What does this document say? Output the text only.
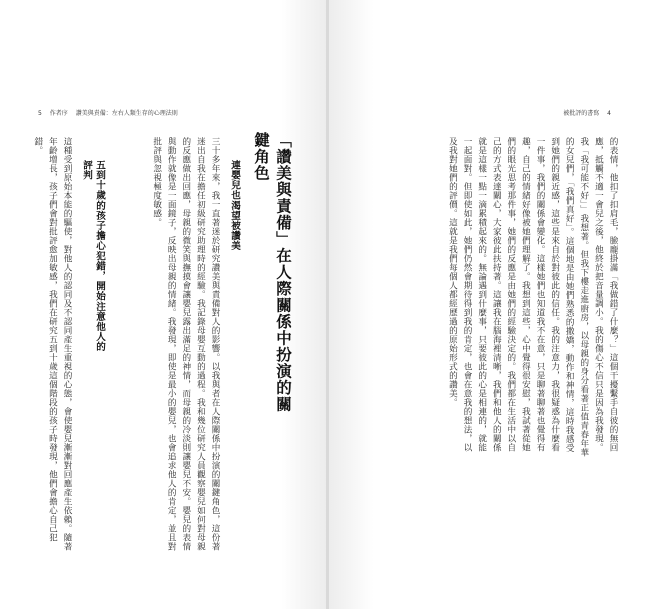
5 作者序 讚美與責備：左右人類生存的心理法則	被批評的書寫 4
的表情，他扣了扣肩毛，臉龐掛滿「我做錯了什麼？」這個干擾繫手自彼的無回應，抵觸不適一會兒之後，他終於把音量調小。我的傷心不信只是因為我發現。我「我可能不好」」我想著。但我下樓走進廚房，以母親的身分看著正值青春年華的女兒們，「我們真好」。這個地是由她們熟悉的撒嬌，動作和神情，這時我感受到她們的親近感，這些是來自於對彼此的信任。我的注意力，我很疑惑為什麼看一件事，我們的關係會變化。這樣她們也知道我不在意，只是聊著聊著也覺得有趣，自己的情緒好像被她們理解了。我想到這些，心中覺得很安慰，我試著從她們的眼光思考那件事，她們的反應是由她們的經驗決定的。我們都在生活中以自己的方式表達關心，大家彼此扶持著。這讓我在腦海裡清晰，我們和他人的關係就是這樣一點一滴累積起來的。無論遇到什麼事，只要彼此的心是相連的，就能一起面對。但即使如此，她們仍然會期待得到我的肯定，也會在意我的想法，以及我對她們的評價。這就是我們每個人都經歷過的原始形式的讚美。
「讚美與責備」在人際關係中扮演的關鍵角色
連嬰兒也渴望被讚美
三十多年來，我一直著迷於研究讚美與責備對人的影響。以我與者在人際關係中扮演的關鍵角色，這份著迷出自我在擔任初級研究助理時的經驗。我記錄母嬰互動的過程。我和幾位研究人員觀察嬰兒如何對母親的反應做出回應，母親的微笑與撫摸會讓嬰兒露出滿足的神情，而母親的冷淡則讓嬰兒不安。嬰兒的表情與動作就像是一面鏡子，反映出母親的情緒。我發現，即使是最小的嬰兒，也會追求他人的肯定，並且對批評與忽視極度敏感。
五到十歲的孩子擔心犯錯，開始注意他人的評判
這種受到原始本能的驅使，對他人的認同及不認同產生重視的心態，會使嬰兒漸漸對回應產生依賴。隨著年齡增長，孩子們會對批評愈加敏感，我們在研究五到十歲這個階段的孩子時發現，他們會擔心自己犯錯。
